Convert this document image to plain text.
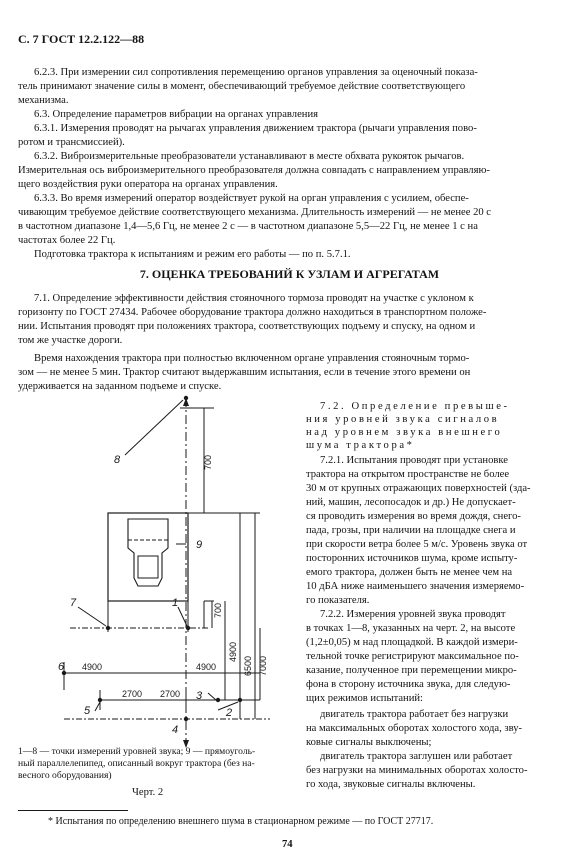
С. 7 ГОСТ 12.2.122—88
6.2.3. При измерении сил сопротивления перемещению органов управления за оценочный показа-
тель принимают значение силы в момент, обеспечивающий требуемое действие соответствующего
механизма.
6.3. Определение параметров вибрации на органах управления
6.3.1. Измерения проводят на рычагах управления движением трактора (рычаги управления пово-
ротом и трансмиссией).
6.3.2. Виброизмерительные преобразователи устанавливают в месте обхвата рукояток рычагов.
Измерительная ось виброизмерительного преобразователя должна совпадать с направлением управляю-
щего воздействия руки оператора на органах управления.
6.3.3. Во время измерений оператор воздействует рукой на орган управления с усилием, обеспе-
чивающим требуемое действие соответствующего механизма. Длительность измерений — не менее 20 с
в частотном диапазоне 1,4—5,6 Гц, не менее 2 с — в частотном диапазоне 5,5—22 Гц, не менее 1 с на
частотах более 22 Гц.
Подготовка трактора к испытаниям и режим его работы — по п. 5.7.1.
7. ОЦЕНКА ТРЕБОВАНИЙ К УЗЛАМ И АГРЕГАТАМ
7.1. Определение эффективности действия стояночного тормоза проводят на участке с уклоном к
горизонту по ГОСТ 27434. Рабочее оборудование трактора должно находиться в транспортном положе-
нии. Испытания проводят при положениях трактора, соответствующих подъему и спуску, на одном и
том же участке дороги.
Время нахождения трактора при полностью включенном органе управления стояночным тормо-
зом — не менее 5 мин. Трактор считают выдержавшим испытания, если в течение этого времени он
удерживается на заданном подъеме и спуске.
7.2. Определение превыше-
ния уровней звука сигналов
над уровнем звука внешнего
шума трактора*
7.2.1. Испытания проводят при установке
трактора на открытом пространстве не более
30 м от крупных отражающих поверхностей (зда-
ний, машин, лесопосадок и др.) Не допускает-
ся проводить измерения во время дождя, снего-
пада, грозы, при наличии на площадке снега и
при скорости ветра более 5 м/с. Уровень звука от
посторонних источников шума, кроме испыту-
емого трактора, должен быть не менее чем на
10 дБА ниже наименьшего значения измеряемо-
го показателя.
7.2.2. Измерения уровней звука проводят
в точках 1—8, указанных на черт. 2, на высоте
(1,2±0,05) м над площадкой. В каждой измери-
тельной точке регистрируют максимальное по-
казание, полученное при перемещении микро-
фона в сторону источника звука, для следую-
щих режимов испытаний:
двигатель трактора работает без нагрузки
на максимальных оборотах холостого хода, зву-
ковые сигналы выключены;
двигатель трактора заглушен или работает
без нагрузки на минимальных оборотах холосто-
го хода, звуковые сигналы включены.
8
9
7	1
6
5
4
3
2
700
700
4900	4900
2700 2700
4900
6500 7000
1—8 — точки измерений уровней звука; 9 — прямоуголь-
ный параллелепипед, описанный вокруг трактора (без на-
весного оборудования)
Черт. 2
* Испытания по определению внешнего шума в стационарном режиме — по ГОСТ 27717.
74
